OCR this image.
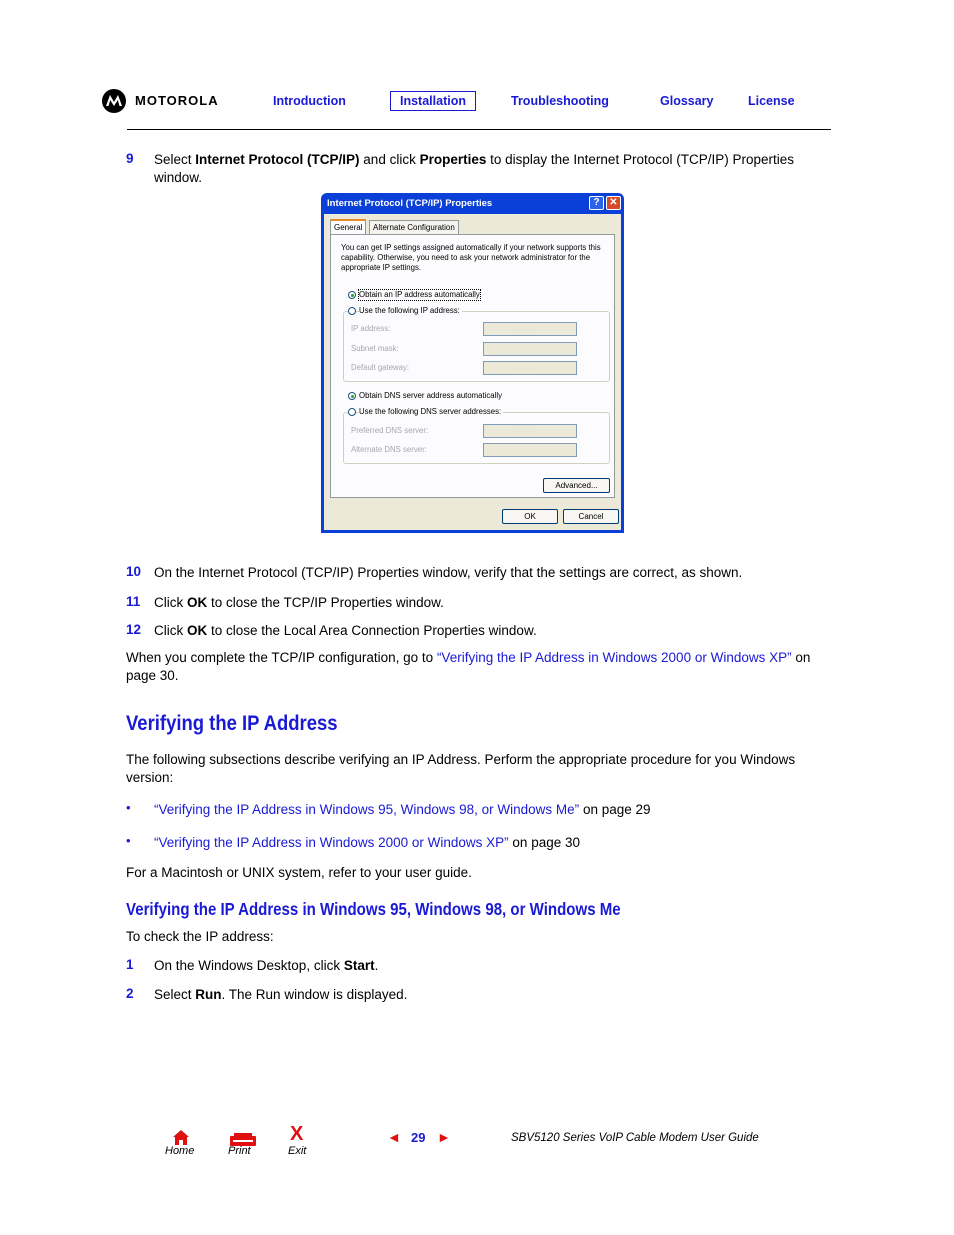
MOTOROLA	Introduction	Installation	Troubleshooting	Glossary	License
9 Select Internet Protocol (TCP/IP) and click Properties to display the Internet Protocol (TCP/IP) Properties window.
Internet Protocol (TCP/IP) Properties	? ✕
General	Alternate Configuration
You can get IP settings assigned automatically if your network supports this capability. Otherwise, you need to ask your network administrator for the appropriate IP settings.
Obtain an IP address automatically
Use the following IP address:
IP address:	...
Subnet mask:	...
Default gateway:	...
Obtain DNS server address automatically
Use the following DNS server addresses:
Preferred DNS server:	...
Alternate DNS server:	...
Advanced...
OK	Cancel
10 On the Internet Protocol (TCP/IP) Properties window, verify that the settings are correct, as shown.
11 Click OK to close the TCP/IP Properties window.
12 Click OK to close the Local Area Connection Properties window.
When you complete the TCP/IP configuration, go to “Verifying the IP Address in Windows 2000 or Windows XP” on page 30.
Verifying the IP Address
The following subsections describe verifying an IP Address. Perform the appropriate procedure for you Windows version:
• “Verifying the IP Address in Windows 95, Windows 98, or Windows Me” on page 29
• “Verifying the IP Address in Windows 2000 or Windows XP” on page 30
For a Macintosh or UNIX system, refer to your user guide.
Verifying the IP Address in Windows 95, Windows 98, or Windows Me
To check the IP address:
1 On the Windows Desktop, click Start.
2 Select Run. The Run window is displayed.
Home	Print
X
Exit
◄ 29 ►	SBV5120 Series VoIP Cable Modem User Guide
